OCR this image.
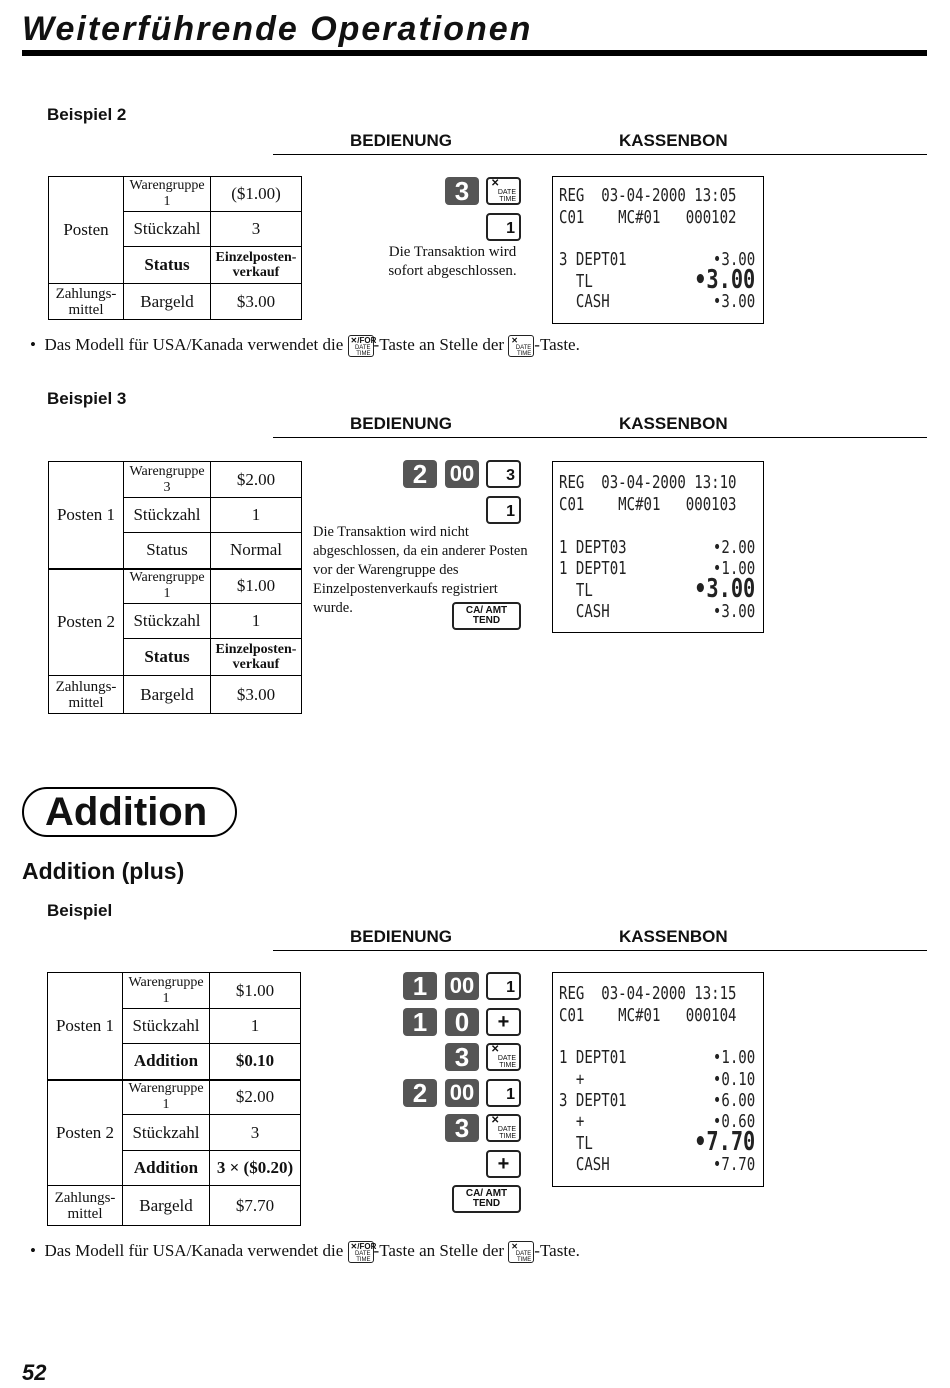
Weiterführende Operationen
Beispiel 2
BEDIENUNG	KASSENBON
Posten	Warengruppe 1	($1.00)
	Stückzahl	3
	Status	Einzelposten-verkauf
Zahlungs-mittel	Bargeld	$3.00
3	✕
DATE TIME
1
Die Transaktion wird sofort abgeschlossen.
REG  03-04-2000 13:05
C01    MC#01   000102
3 DEPT01	•3.00
TL	•3.00
CASH	•3.00
•  Das Modell für USA/Kanada verwendet die ✕/FOR
DATE TIME
-Taste an Stelle der ✕
DATE TIME
-Taste.
Beispiel 3
BEDIENUNG	KASSENBON
Posten 1	Warengruppe 3	$2.00
	Stückzahl	1
	Status	Normal
Posten 2	Warengruppe 1	$1.00
	Stückzahl	1
	Status	Einzelposten-verkauf
Zahlungs-mittel	Bargeld	$3.00
2	00 3
1
Die Transaktion wird nicht abgeschlossen, da ein anderer Posten vor der Warengruppe des Einzelpostenverkaufs registriert wurde.	CA/ AMT
TEND
REG  03-04-2000 13:10
C01    MC#01   000103
1 DEPT03	•2.00
1 DEPT01	•1.00
TL	•3.00
CASH	•3.00
Addition
Addition (plus)
Beispiel
BEDIENUNG	KASSENBON
Posten 1	Warengruppe 1	$1.00
	Stückzahl	1
	Addition	$0.10
Posten 2	Warengruppe 1	$2.00
	Stückzahl	3
	Addition	3 × ($0.20)
Zahlungs-mittel	Bargeld	$7.70
1	00 1
1	0	+
3	✕
DATE TIME
2	00 1
3	✕
DATE TIME
+
CA/ AMT
TEND
REG  03-04-2000 13:15
C01    MC#01   000104
1 DEPT01	•1.00
+	•0.10
3 DEPT01	•6.00
+	•0.60
TL	•7.70
CASH	•7.70
•  Das Modell für USA/Kanada verwendet die ✕/FOR
DATE TIME
-Taste an Stelle der ✕
DATE TIME
-Taste.
52
